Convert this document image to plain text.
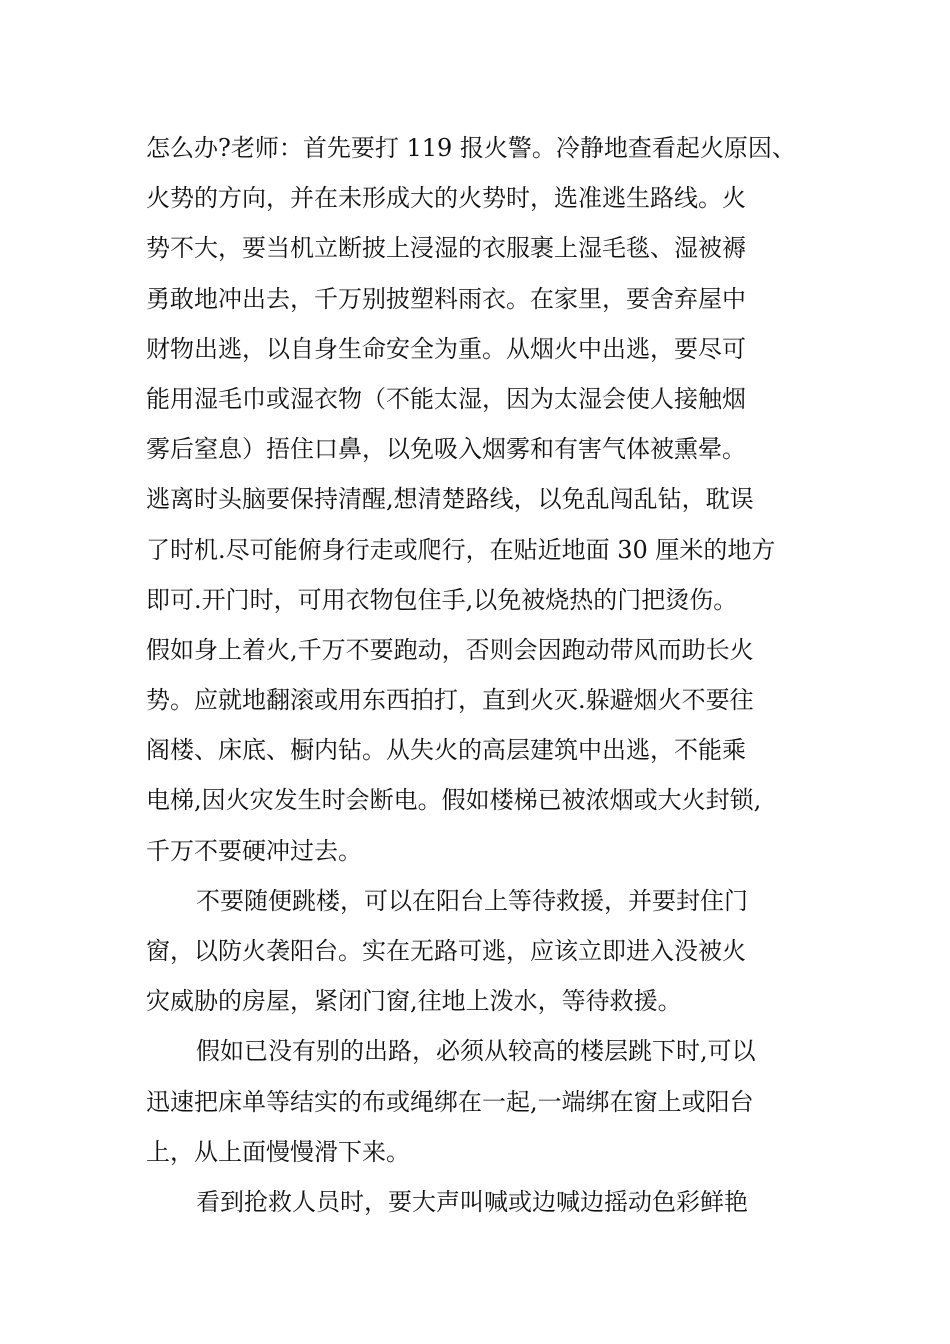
怎么办?老师：首先要打 119 报火警。冷静地查看起火原因、
火势的方向，并在未形成大的火势时，选准逃生路线。火
势不大，要当机立断披上浸湿的衣服裹上湿毛毯、湿被褥
勇敢地冲出去，千万别披塑料雨衣。在家里，要舍弃屋中
财物出逃，以自身生命安全为重。从烟火中出逃，要尽可
能用湿毛巾或湿衣物（不能太湿，因为太湿会使人接触烟
雾后窒息）捂住口鼻，以免吸入烟雾和有害气体被熏晕。
逃离时头脑要保持清醒,想清楚路线，以免乱闯乱钻，耽误
了时机.尽可能俯身行走或爬行，在贴近地面 30 厘米的地方
即可.开门时，可用衣物包住手,以免被烧热的门把烫伤。
假如身上着火,千万不要跑动，否则会因跑动带风而助长火
势。应就地翻滚或用东西拍打，直到火灭.躲避烟火不要往
阁楼、床底、橱内钻。从失火的高层建筑中出逃，不能乘
电梯,因火灾发生时会断电。假如楼梯已被浓烟或大火封锁,
千万不要硬冲过去。
不要随便跳楼，可以在阳台上等待救援，并要封住门
窗，以防火袭阳台。实在无路可逃，应该立即进入没被火
灾威胁的房屋，紧闭门窗,往地上泼水，等待救援。
假如已没有别的出路，必须从较高的楼层跳下时,可以
迅速把床单等结实的布或绳绑在一起,一端绑在窗上或阳台
上，从上面慢慢滑下来。
看到抢救人员时，要大声叫喊或边喊边摇动色彩鲜艳
